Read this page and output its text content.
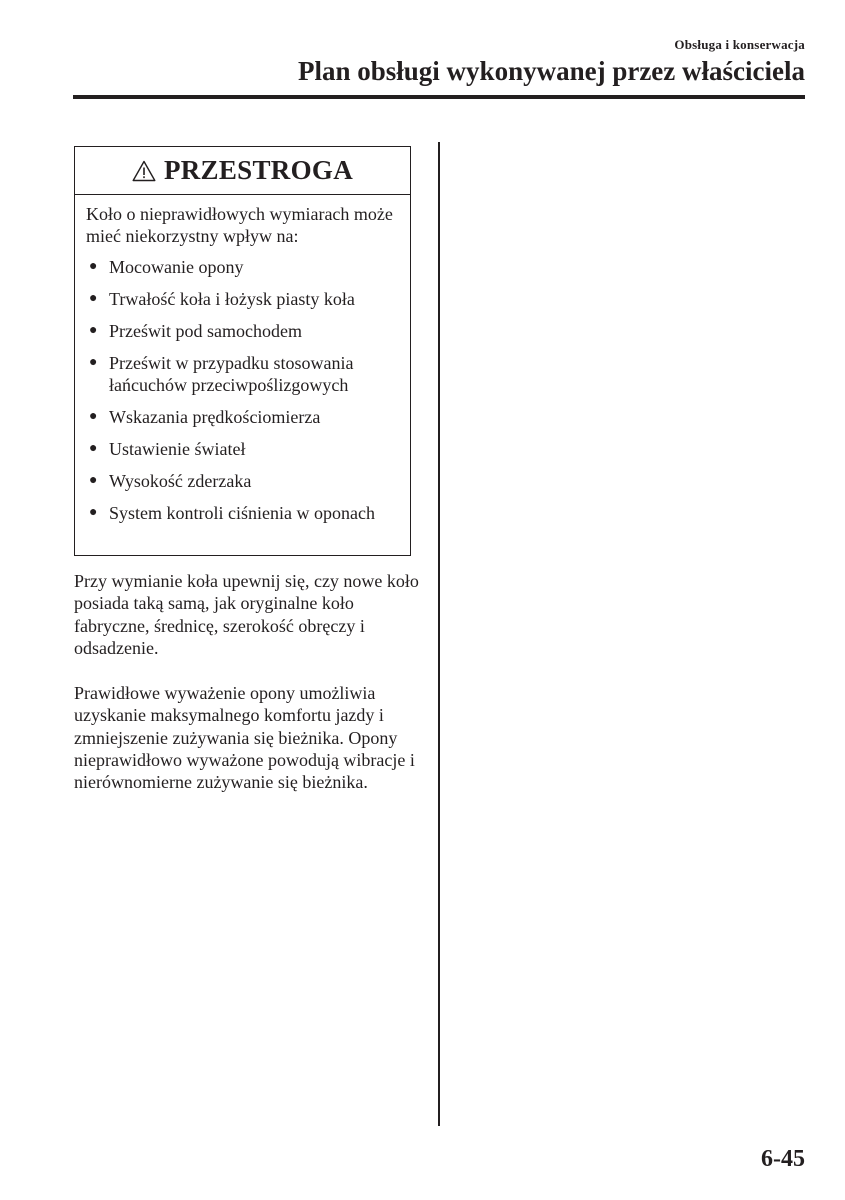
Obsługa i konserwacja
Plan obsługi wykonywanej przez właściciela
PRZESTROGA

Koło o nieprawidłowych wymiarach może mieć niekorzystny wpływ na:

● Mocowanie opony
● Trwałość koła i łożysk piasty koła
● Prześwit pod samochodem
● Prześwit w przypadku stosowania łańcuchów przeciwpoślizgowych
● Wskazania prędkościomierza
● Ustawienie świateł
● Wysokość zderzaka
● System kontroli ciśnienia w oponach

Przy wymianie koła upewnij się, czy nowe koło posiada taką samą, jak oryginalne koło fabryczne, średnicę, szerokość obręczy i odsadzenie.

Prawidłowe wyważenie opony umożliwia uzyskanie maksymalnego komfortu jazdy i zmniejszenie zużywania się bieżnika. Opony nieprawidłowo wyważone powodują wibracje i nierównomierne zużywanie się bieżnika.

6-45
